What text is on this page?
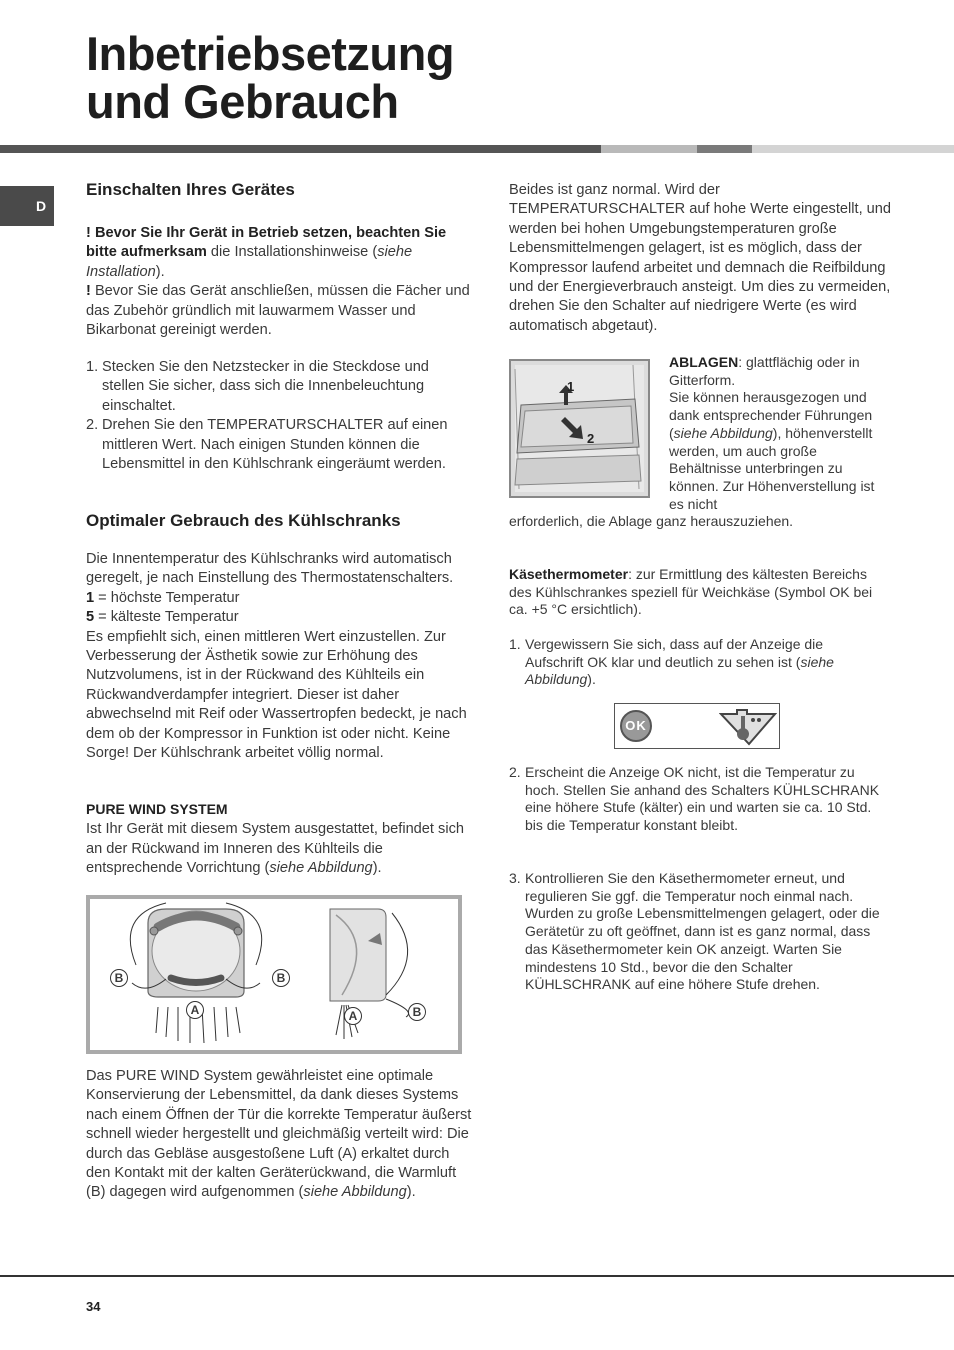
Inbetriebsetzung
und Gebrauch
D
Einschalten Ihres Gerätes

! Bevor Sie Ihr Gerät in Betrieb setzen, beachten Sie bitte aufmerksam die Installationshinweise (siehe Installation).
! Bevor Sie das Gerät anschließen, müssen die Fächer und das Zubehör gründlich mit lauwarmem Wasser und Bikarbonat gereinigt werden.

1. Stecken Sie den Netzstecker in die Steckdose und stellen Sie sicher, dass sich die Innenbeleuchtung einschaltet.
2. Drehen Sie den TEMPERATURSCHALTER auf einen mittleren Wert. Nach einigen Stunden können die Lebensmittel in den Kühlschrank eingeräumt werden.
Optimaler Gebrauch des Kühlschranks

Die Innentemperatur des Kühlschranks wird automatisch geregelt, je nach Einstellung des Thermostatenschalters.
1 = höchste Temperatur
5 = kälteste Temperatur
Es empfiehlt sich, einen mittleren Wert einzustellen. Zur Verbesserung der Ästhetik sowie zur Erhöhung des Nutzvolumens, ist in der Rückwand des Kühlteils ein Rückwandverdampfer integriert. Dieser ist daher abwechselnd mit Reif oder Wassertropfen bedeckt, je nach dem ob der Kompressor in Funktion ist oder nicht. Keine Sorge! Der Kühlschrank arbeitet völlig normal.

PURE WIND SYSTEM
Ist Ihr Gerät mit diesem System ausgestattet, befindet sich an der Rückwand im Inneren des Kühlteils die entsprechende Vorrichtung (siehe Abbildung).

B	B
A	A	B

Das PURE WIND System gewährleistet eine optimale Konservierung der Lebensmittel, da dank dieses Systems nach einem Öffnen der Tür die korrekte Temperatur äußerst schnell wieder hergestellt und gleichmäßig verteilt wird: Die durch das Gebläse ausgestoßene Luft (A) erkaltet durch den Kontakt mit der kalten Geräterückwand, die Warmluft (B) dagegen wird aufgenommen (siehe Abbildung).

Beides ist ganz normal. Wird der TEMPERATURSCHALTER auf hohe Werte eingestellt, und werden bei hohen Umgebungstemperaturen große Lebensmittelmengen gelagert, ist es möglich, dass der Kompressor laufend arbeitet und demnach die Reifbildung und der Energieverbrauch ansteigt. Um dies zu vermeiden, drehen Sie den Schalter auf niedrigere Werte (es wird automatisch abgetaut).

1
2

ABLAGEN: glattflächig oder in Gitterform.
Sie können herausgezogen und dank entsprechender Führungen (siehe Abbildung), höhenverstellt werden, um auch große Behältnisse unterbringen zu können. Zur Höhenverstellung ist es nicht

erforderlich, die Ablage ganz herauszuziehen.

Käsethermometer: zur Ermittlung des kältesten Bereichs des Kühlschrankes speziell für Weichkäse (Symbol OK bei ca. +5 °C ersichtlich).

1. Vergewissern Sie sich, dass auf der Anzeige die Aufschrift OK klar und deutlich zu sehen ist (siehe Abbildung).
OK
2. Erscheint die Anzeige OK nicht, ist die Temperatur zu hoch. Stellen Sie anhand des Schalters KÜHLSCHRANK eine höhere Stufe (kälter) ein und warten sie ca. 10 Std. bis die Temperatur konstant bleibt.
3. Kontrollieren Sie den Käsethermometer erneut, und regulieren Sie ggf. die Temperatur noch einmal nach. Wurden zu große Lebensmittelmengen gelagert, oder die Gerätetür zu oft geöffnet, dann ist es ganz normal, dass das Käsethermometer kein OK anzeigt. Warten Sie mindestens 10 Std., bevor die den Schalter KÜHLSCHRANK auf eine höhere Stufe drehen.
34
